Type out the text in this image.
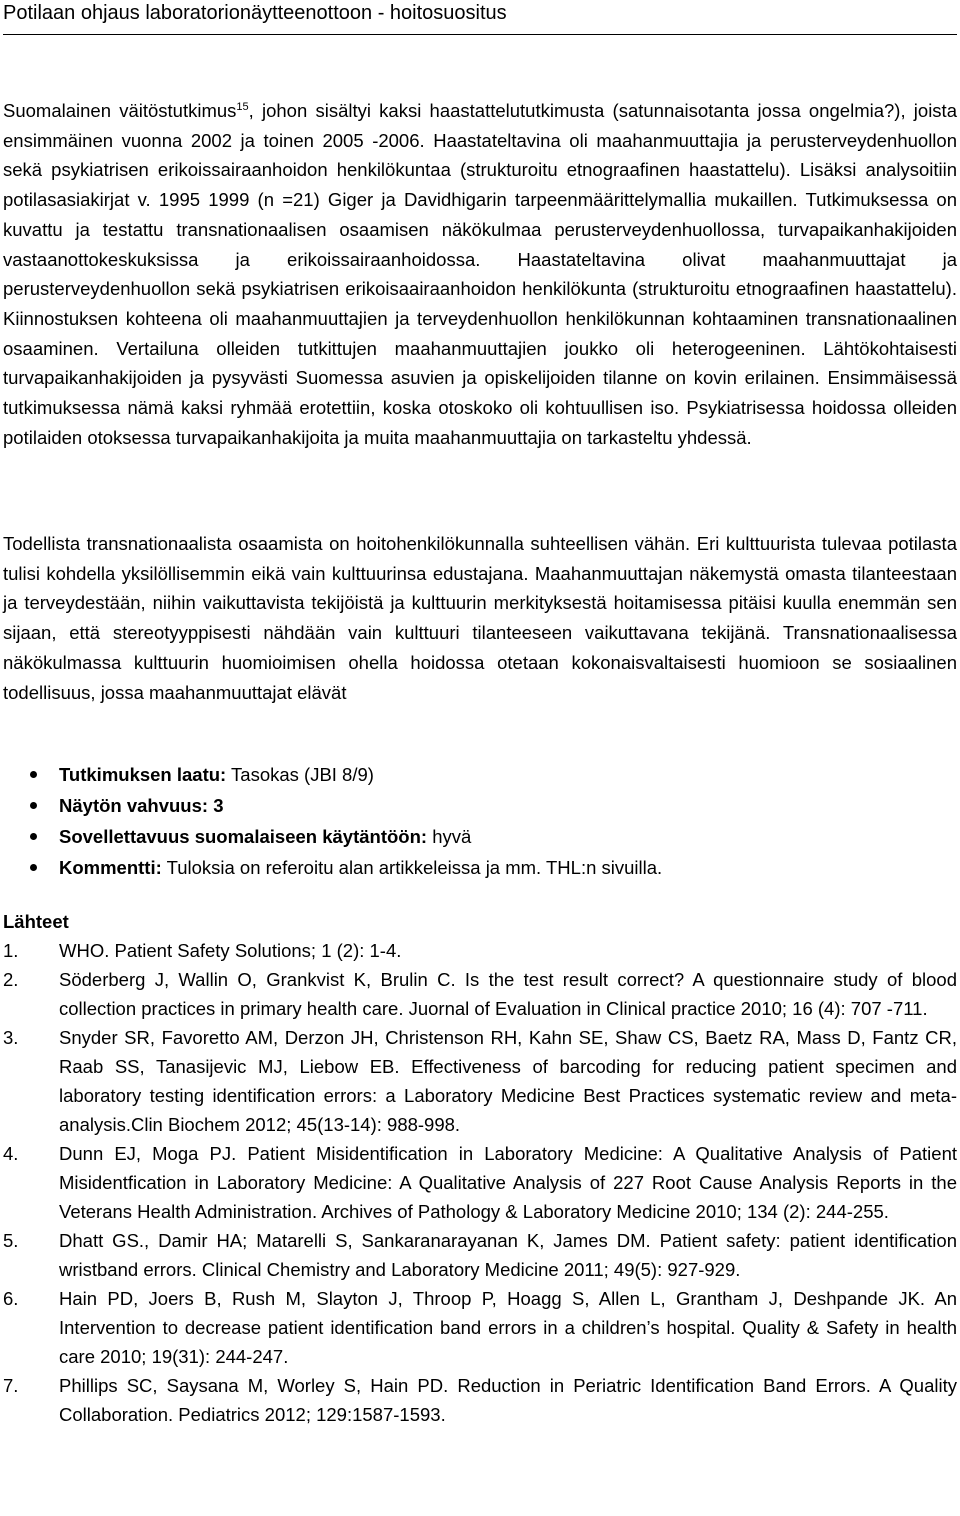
Potilaan ohjaus laboratorionäytteenottoon - hoitosuositus

Suomalainen väitöstutkimus$^{15}$, johon sisältyi kaksi haastattelututkimusta (satunnaisotanta jossa ongelmia?), joista ensimmäinen vuonna 2002 ja toinen 2005 -2006. Haastateltavina oli maahanmuuttajia ja perusterveydenhuollon sekä psykiatrisen erikoissairaanhoidon henkilökuntaa (strukturoitu etnograafinen haastattelu). Lisäksi analysoitiin potilasasiakirjat v. 1995 1999 (n =21) Giger ja Davidhigarin tarpeenmäärittelymallia mukaillen. Tutkimuksessa on kuvattu ja testattu transnationaalisen osaamisen näkökulmaa perusterveydenhuollossa, turvapaikanhakijoiden vastaanottokeskuksissa ja erikoissairaanhoidossa. Haastateltavina olivat maahanmuuttajat ja perusterveydenhuollon sekä psykiatrisen erikoisaairaanhoidon henkilökunta (strukturoitu etnograafinen haastattelu). Kiinnostuksen kohteena oli maahanmuuttajien ja terveydenhuollon henkilökunnan kohtaaminen transnationaalinen osaaminen. Vertailuna olleiden tutkittujen maahanmuuttajien joukko oli heterogeeninen. Lähtökohtaisesti turvapaikanhakijoiden ja pysyvästi Suomessa asuvien ja opiskelijoiden tilanne on kovin erilainen. Ensimmäisessä tutkimuksessa nämä kaksi ryhmää erotettiin, koska otoskoko oli kohtuullisen iso. Psykiatrisessa hoidossa olleiden potilaiden otoksessa turvapaikanhakijoita ja muita maahanmuuttajia on tarkasteltu yhdessä.

Todellista transnationaalista osaamista on hoitohenkilökunnalla suhteellisen vähän. Eri kulttuurista tulevaa potilasta tulisi kohdella yksilöllisemmin eikä vain kulttuurinsa edustajana. Maahanmuuttajan näkemystä omasta tilanteestaan ja terveydestään, niihin vaikuttavista tekijöistä ja kulttuurin merkityksestä hoitamisessa pitäisi kuulla enemmän sen sijaan, että stereotyyppisesti nähdään vain kulttuuri tilanteeseen vaikuttavana tekijänä. Transnationaalisessa näkökulmassa kulttuurin huomioimisen ohella hoidossa otetaan kokonaisvaltaisesti huomioon se sosiaalinen todellisuus, jossa maahanmuuttajat elävät

Tutkimuksen laatu: Tasokas (JBI 8/9)
Näytön vahvuus: 3
Sovellettavuus suomalaiseen käytäntöön: hyvä
Kommentti: Tuloksia on referoitu alan artikkeleissa ja mm. THL:n sivuilla.

Lähteet

1. WHO. Patient Safety Solutions; 1 (2): 1-4.
2. Söderberg J, Wallin O, Grankvist K, Brulin C. Is the test result correct? A questionnaire study of blood collection practices in primary health care. Juornal of Evaluation in Clinical practice 2010; 16 (4): 707 -711.
3. Snyder SR, Favoretto AM, Derzon JH, Christenson RH, Kahn SE, Shaw CS, Baetz RA, Mass D, Fantz CR, Raab SS, Tanasijevic MJ, Liebow EB. Effectiveness of barcoding for reducing patient specimen and laboratory testing identification errors: a Laboratory Medicine Best Practices systematic review and meta-analysis.Clin Biochem 2012; 45(13-14): 988-998.
4. Dunn EJ, Moga PJ. Patient Misidentification in Laboratory Medicine: A Qualitative Analysis of Patient Misidentfication in Laboratory Medicine: A Qualitative Analysis of 227 Root Cause Analysis Reports in the Veterans Health Administration. Archives of Pathology & Laboratory Medicine 2010; 134 (2): 244-255.
5. Dhatt GS., Damir HA; Matarelli S, Sankaranarayanan K, James DM. Patient safety: patient identification wristband errors. Clinical Chemistry and Laboratory Medicine 2011; 49(5): 927-929.
6. Hain PD, Joers B, Rush M, Slayton J, Throop P, Hoagg S, Allen L, Grantham J, Deshpande JK. An Intervention to decrease patient identification band errors in a children’s hospital. Quality & Safety in health care 2010; 19(31): 244-247.
7. Phillips SC, Saysana M, Worley S, Hain PD. Reduction in Periatric Identification Band Errors. A Quality Collaboration. Pediatrics 2012; 129:1587-1593.
